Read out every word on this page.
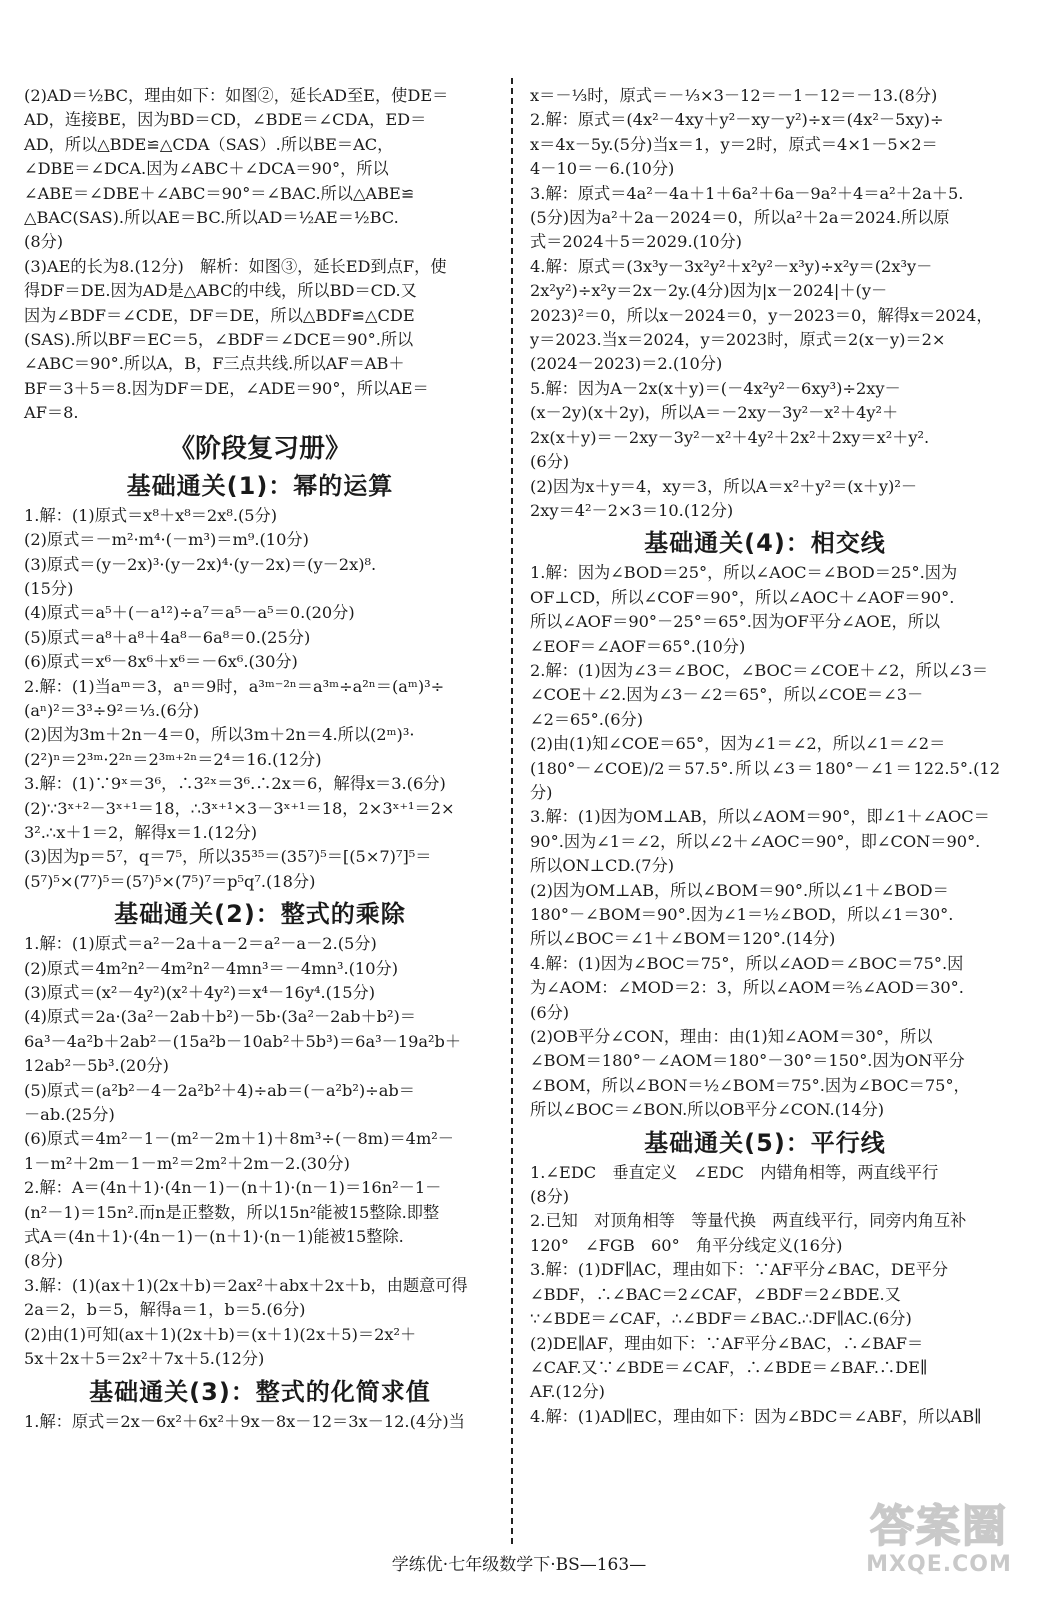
(2)AD＝½BC，理由如下：如图②，延长AD至E，使DE＝
AD，连接BE，因为BD＝CD，∠BDE＝∠CDA，ED＝
AD，所以△BDE≌△CDA（SAS）.所以BE＝AC，
∠DBE＝∠DCA.因为∠ABC＋∠DCA＝90°，所以
∠ABE＝∠DBE＋∠ABC＝90°＝∠BAC.所以△ABE≌
△BAC(SAS).所以AE＝BC.所以AD＝½AE＝½BC.
(8分)
(3)AE的长为8.(12分)　解析：如图③，延长ED到点F，使
得DF＝DE.因为AD是△ABC的中线，所以BD＝CD.又
因为∠BDF＝∠CDE，DF＝DE，所以△BDF≌△CDE
(SAS).所以BF＝EC＝5，∠BDF＝∠DCE＝90°.所以
∠ABC＝90°.所以A，B，F三点共线.所以AF＝AB＋
BF＝3＋5＝8.因为DF＝DE，∠ADE＝90°，所以AE＝
AF＝8.
《阶段复习册》
基础通关(1)：幂的运算
1.解：(1)原式＝x⁸＋x⁸＝2x⁸.(5分)
(2)原式＝－m²·m⁴·(－m³)＝m⁹.(10分)
(3)原式＝(y－2x)³·(y－2x)⁴·(y－2x)＝(y－2x)⁸.
(15分)
(4)原式＝a⁵＋(－a¹²)÷a⁷＝a⁵－a⁵＝0.(20分)
(5)原式＝a⁸＋a⁸＋4a⁸－6a⁸＝0.(25分)
(6)原式＝x⁶－8x⁶＋x⁶＝－6x⁶.(30分)
2.解：(1)当aᵐ＝3，aⁿ＝9时，a³ᵐ⁻²ⁿ＝a³ᵐ÷a²ⁿ＝(aᵐ)³÷
(aⁿ)²＝3³÷9²＝⅓.(6分)
(2)因为3m＋2n－4＝0，所以3m＋2n＝4.所以(2ᵐ)³·
(2²)ⁿ＝2³ᵐ·2²ⁿ＝2³ᵐ⁺²ⁿ＝2⁴＝16.(12分)
3.解：(1)∵9ˣ＝3⁶，∴3²ˣ＝3⁶.∴2x＝6，解得x＝3.(6分)
(2)∵3ˣ⁺²－3ˣ⁺¹＝18，∴3ˣ⁺¹×3－3ˣ⁺¹＝18，2×3ˣ⁺¹＝2×
3².∴x＋1＝2，解得x＝1.(12分)
(3)因为p＝5⁷，q＝7⁵，所以35³⁵＝(35⁷)⁵＝[(5×7)⁷]⁵＝
(5⁷)⁵×(7⁷)⁵＝(5⁷)⁵×(7⁵)⁷＝p⁵q⁷.(18分)
基础通关(2)：整式的乘除
1.解：(1)原式＝a²－2a＋a－2＝a²－a－2.(5分)
(2)原式＝4m²n²－4m²n²－4mn³＝－4mn³.(10分)
(3)原式＝(x²－4y²)(x²＋4y²)＝x⁴－16y⁴.(15分)
(4)原式＝2a·(3a²－2ab＋b²)－5b·(3a²－2ab＋b²)＝
6a³－4a²b＋2ab²－(15a²b－10ab²＋5b³)＝6a³－19a²b＋
12ab²－5b³.(20分)
(5)原式＝(a²b²－4－2a²b²＋4)÷ab＝(－a²b²)÷ab＝
－ab.(25分)
(6)原式＝4m²－1－(m²－2m＋1)＋8m³÷(－8m)＝4m²－
1－m²＋2m－1－m²＝2m²＋2m－2.(30分)
2.解：A＝(4n＋1)·(4n－1)－(n＋1)·(n－1)＝16n²－1－
(n²－1)＝15n².而n是正整数，所以15n²能被15整除.即整
式A＝(4n＋1)·(4n－1)－(n＋1)·(n－1)能被15整除.
(8分)
3.解：(1)(ax＋1)(2x＋b)＝2ax²＋abx＋2x＋b，由题意可得
2a＝2，b＝5，解得a＝1，b＝5.(6分)
(2)由(1)可知(ax＋1)(2x＋b)＝(x＋1)(2x＋5)＝2x²＋
5x＋2x＋5＝2x²＋7x＋5.(12分)
基础通关(3)：整式的化简求值
1.解：原式＝2x－6x²＋6x²＋9x－8x－12＝3x－12.(4分)当
x＝－⅓时，原式＝－⅓×3－12＝－1－12＝－13.(8分)
2.解：原式＝(4x²－4xy＋y²－xy－y²)÷x＝(4x²－5xy)÷
x＝4x－5y.(5分)当x＝1，y＝2时，原式＝4×1－5×2＝
4－10＝－6.(10分)
3.解：原式＝4a²－4a＋1＋6a²＋6a－9a²＋4＝a²＋2a＋5.
(5分)因为a²＋2a－2024＝0，所以a²＋2a＝2024.所以原
式＝2024＋5＝2029.(10分)
4.解：原式＝(3x³y－3x²y²＋x²y²－x³y)÷x²y＝(2x³y－
2x²y²)÷x²y＝2x－2y.(4分)因为|x－2024|＋(y－
2023)²＝0，所以x－2024＝0，y－2023＝0，解得x＝2024，
y＝2023.当x＝2024，y＝2023时，原式＝2(x－y)＝2×
(2024－2023)＝2.(10分)
5.解：因为A－2x(x＋y)＝(－4x²y²－6xy³)÷2xy－
(x－2y)(x＋2y)，所以A＝－2xy－3y²－x²＋4y²＋
2x(x＋y)＝－2xy－3y²－x²＋4y²＋2x²＋2xy＝x²＋y².
(6分)
(2)因为x＋y＝4，xy＝3，所以A＝x²＋y²＝(x＋y)²－
2xy＝4²－2×3＝10.(12分)
基础通关(4)：相交线
1.解：因为∠BOD＝25°，所以∠AOC＝∠BOD＝25°.因为
OF⊥CD，所以∠COF＝90°，所以∠AOC＋∠AOF＝90°.
所以∠AOF＝90°－25°＝65°.因为OF平分∠AOE，所以
∠EOF＝∠AOF＝65°.(10分)
2.解：(1)因为∠3＝∠BOC，∠BOC＝∠COE＋∠2，所以∠3＝
∠COE＋∠2.因为∠3－∠2＝65°，所以∠COE＝∠3－
∠2＝65°.(6分)
(2)由(1)知∠COE＝65°，因为∠1＝∠2，所以∠1＝∠2＝
(180°－∠COE)/2＝57.5°.所以∠3＝180°－∠1＝122.5°.(12分)
3.解：(1)因为OM⊥AB，所以∠AOM＝90°，即∠1＋∠AOC＝
90°.因为∠1＝∠2，所以∠2＋∠AOC＝90°，即∠CON＝90°.
所以ON⊥CD.(7分)
(2)因为OM⊥AB，所以∠BOM＝90°.所以∠1＋∠BOD＝
180°－∠BOM＝90°.因为∠1＝½∠BOD，所以∠1＝30°.
所以∠BOC＝∠1＋∠BOM＝120°.(14分)
4.解：(1)因为∠BOC＝75°，所以∠AOD＝∠BOC＝75°.因
为∠AOM：∠MOD＝2：3，所以∠AOM＝⅖∠AOD＝30°.
(6分)
(2)OB平分∠CON，理由：由(1)知∠AOM＝30°，所以
∠BOM＝180°－∠AOM＝180°－30°＝150°.因为ON平分
∠BOM，所以∠BON＝½∠BOM＝75°.因为∠BOC＝75°，
所以∠BOC＝∠BON.所以OB平分∠CON.(14分)
基础通关(5)：平行线
1.∠EDC　垂直定义　∠EDC　内错角相等，两直线平行
(8分)
2.已知　对顶角相等　等量代换　两直线平行，同旁内角互补
120°　∠FGB　60°　角平分线定义(16分)
3.解：(1)DF∥AC，理由如下：∵AF平分∠BAC，DE平分
∠BDF，∴∠BAC＝2∠CAF，∠BDF＝2∠BDE.又
∵∠BDE＝∠CAF，∴∠BDF＝∠BAC.∴DF∥AC.(6分)
(2)DE∥AF，理由如下：∵AF平分∠BAC，∴∠BAF＝
∠CAF.又∵∠BDE＝∠CAF，∴∠BDE＝∠BAF.∴DE∥
AF.(12分)
4.解：(1)AD∥EC，理由如下：因为∠BDC＝∠ABF，所以AB∥
学练优·七年级数学下·BS—163—
答案圈
MXQE.COM
